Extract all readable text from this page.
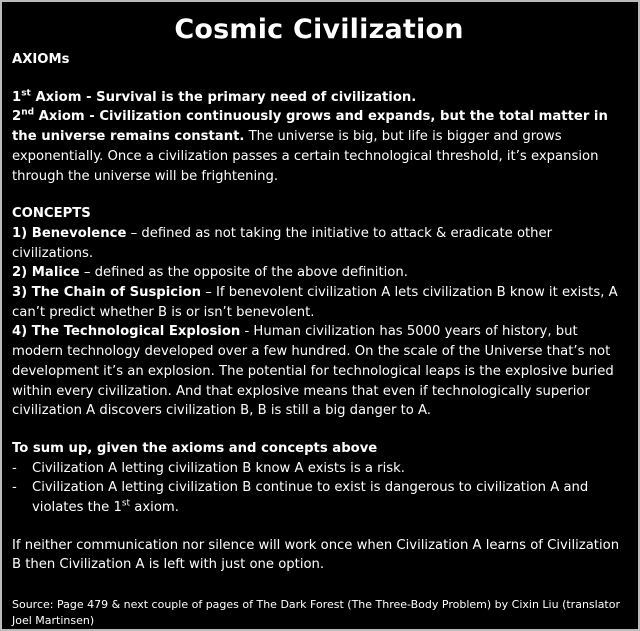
Cosmic Civilization
AXIOMs
1st Axiom - Survival is the primary need of civilization.
2nd Axiom - Civilization continuously grows and expands, but the total matter in the universe remains constant. The universe is big, but life is bigger and grows exponentially. Once a civilization passes a certain technological threshold, it’s expansion through the universe will be frightening.
CONCEPTS
1) Benevolence – defined as not taking the initiative to attack & eradicate other civilizations.
2) Malice – defined as the opposite of the above definition.
3) The Chain of Suspicion – If benevolent civilization A lets civilization B know it exists, A can’t predict whether B is or isn’t benevolent.
4) The Technological Explosion - Human civilization has 5000 years of history, but modern technology developed over a few hundred. On the scale of the Universe that’s not development it’s an explosion. The potential for technological leaps is the explosive buried within every civilization. And that explosive means that even if technologically superior civilization A discovers civilization B, B is still a big danger to A.
To sum up, given the axioms and concepts above
-	Civilization A letting civilization B know A exists is a risk.
-	Civilization A letting civilization B continue to exist is dangerous to civilization A and violates the 1st axiom.
If neither communication nor silence will work once when Civilization A learns of Civilization B then Civilization A is left with just one option.
Source: Page 479 & next couple of pages of The Dark Forest (The Three-Body Problem) by Cixin Liu (translator Joel Martinsen)
